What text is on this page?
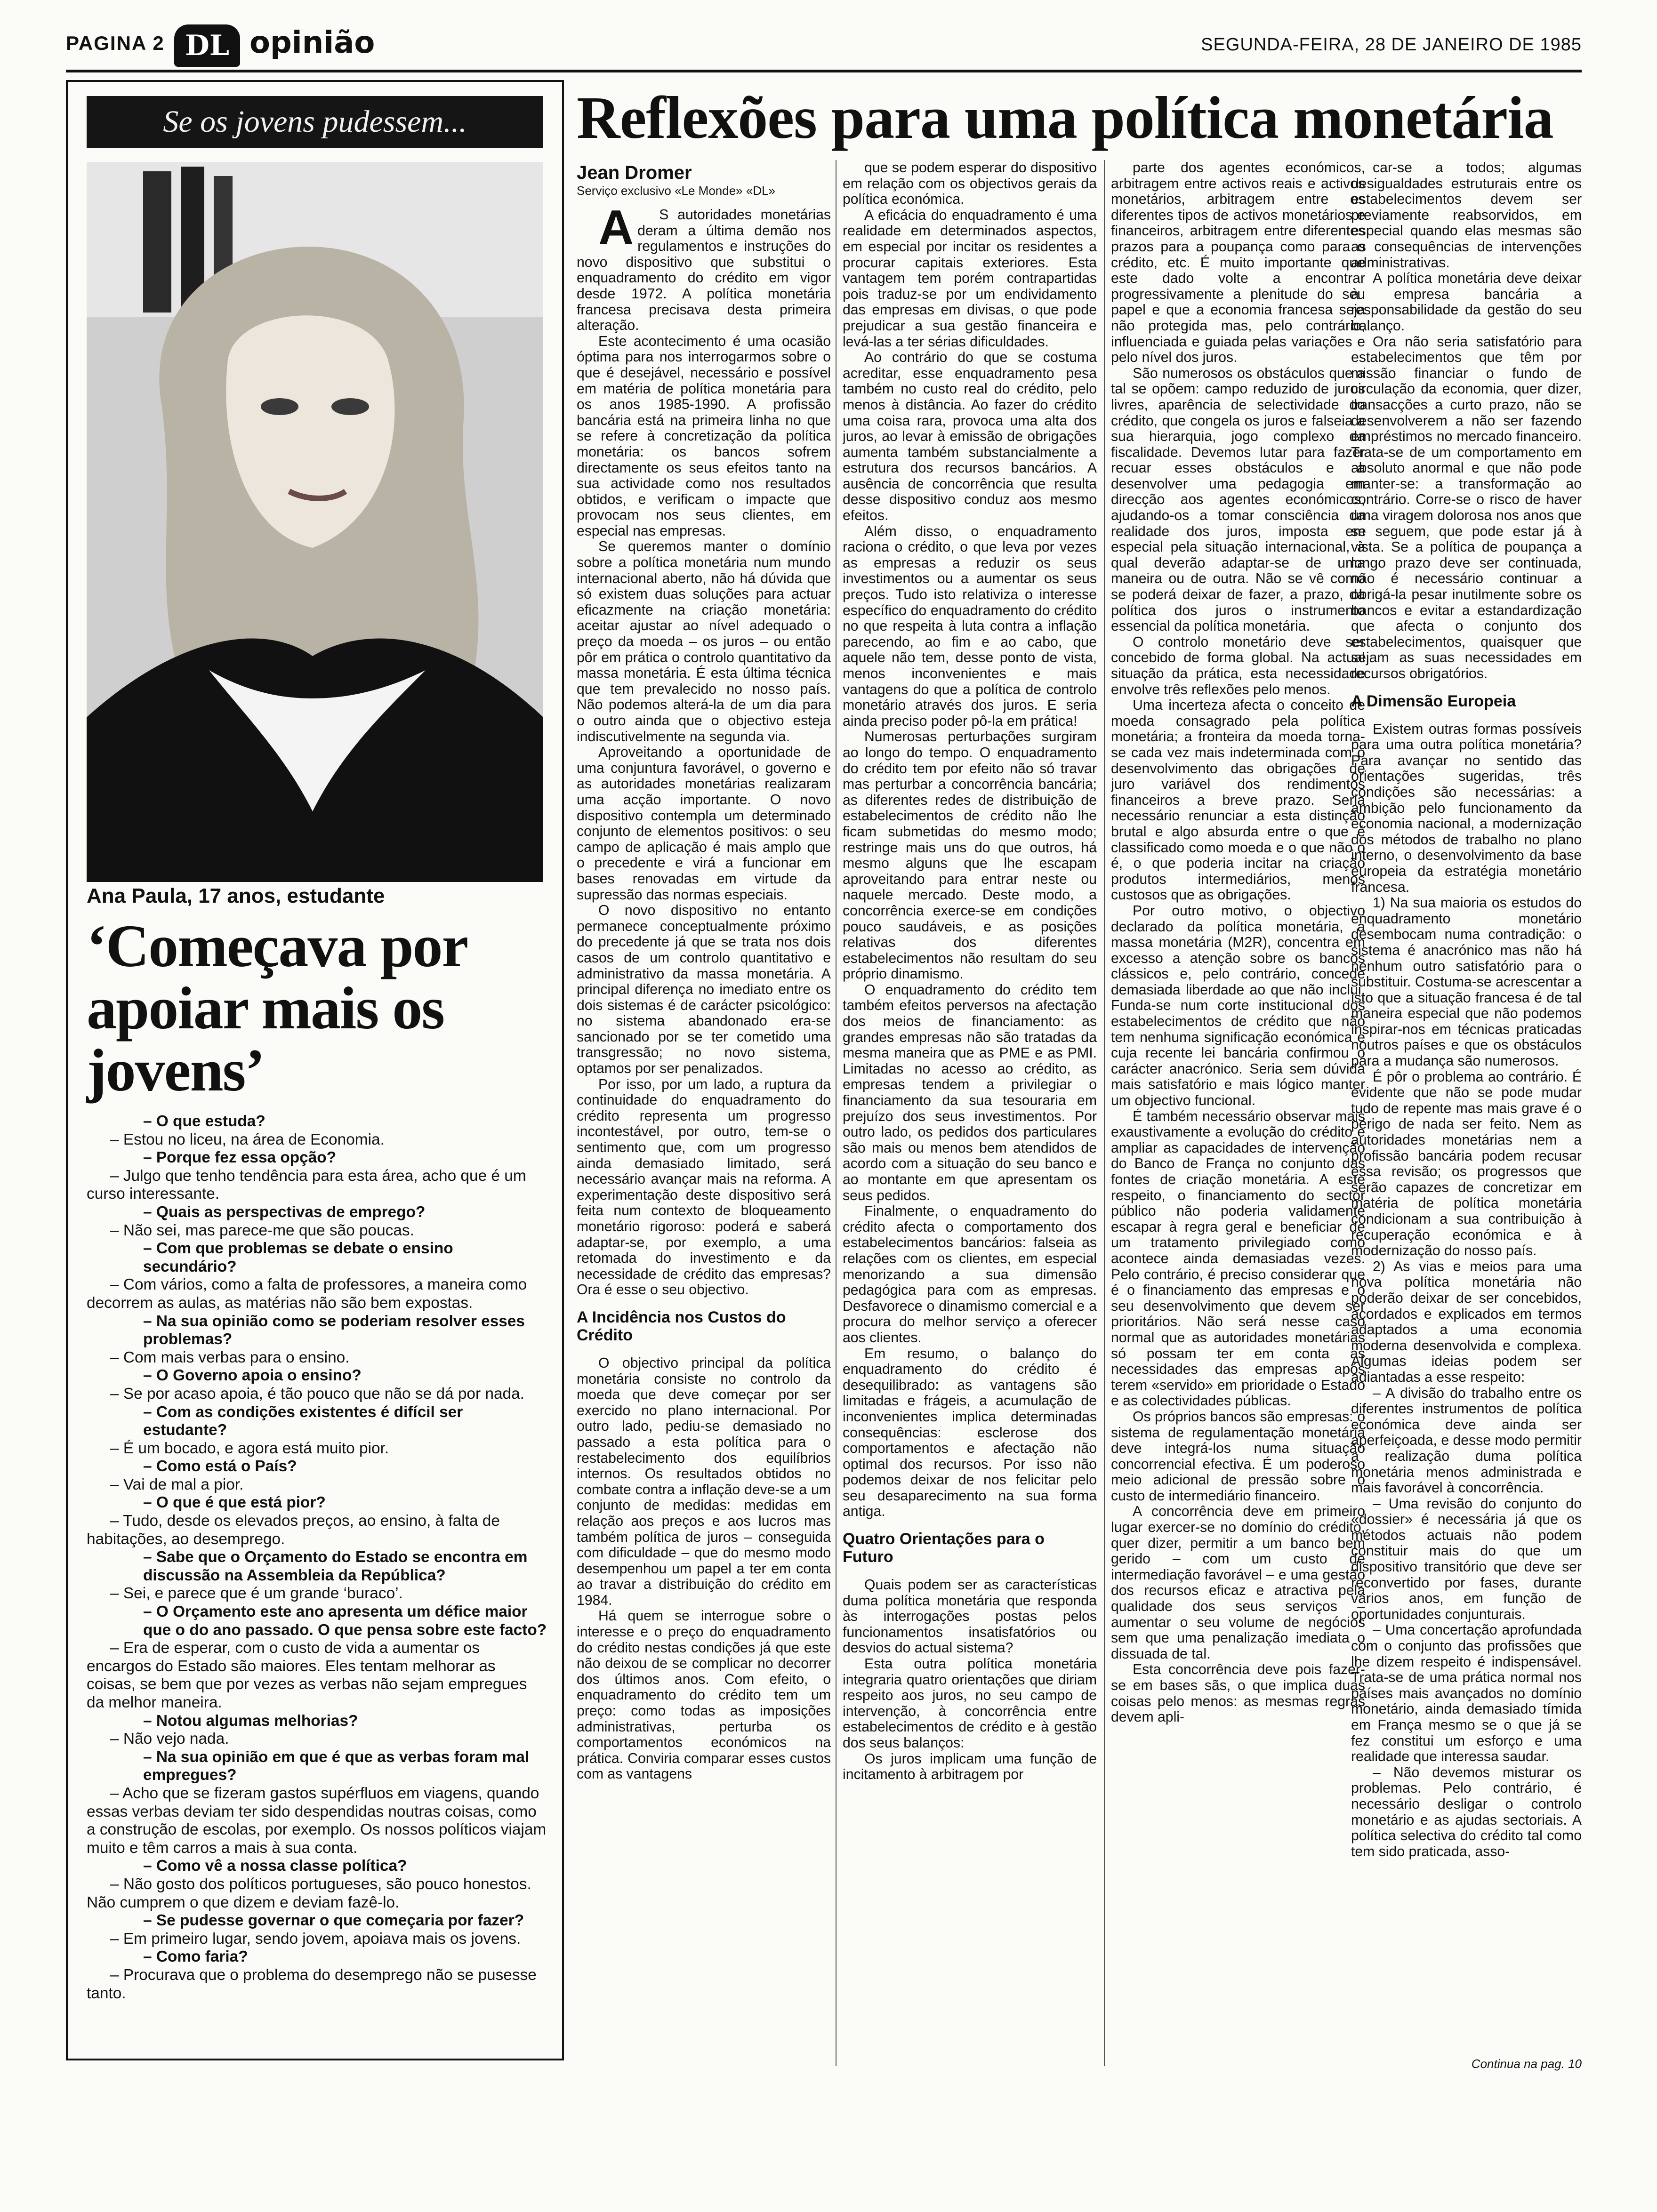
PAGINA 2 DL opinião	SEGUNDA-FEIRA, 28 DE JANEIRO DE 1985
Se os jovens pudessem...
Ana Paula, 17 anos, estudante
‘Começava por apoiar mais os jovens’

– O que estuda?

– Estou no liceu, na área de Economia.

– Porque fez essa opção?

– Julgo que tenho tendência para esta área, acho que é um curso interessante.

– Quais as perspectivas de emprego?

– Não sei, mas parece-me que são poucas.

– Com que problemas se debate o ensino secundário?

– Com vários, como a falta de professores, a maneira como decorrem as aulas, as matérias não são bem expostas.

– Na sua opinião como se poderiam resolver esses problemas?

– Com mais verbas para o ensino.

– O Governo apoia o ensino?

– Se por acaso apoia, é tão pouco que não se dá por nada.

– Com as condições existentes é difícil ser estudante?

– É um bocado, e agora está muito pior.

– Como está o País?

– Vai de mal a pior.

– O que é que está pior?

– Tudo, desde os elevados preços, ao ensino, à falta de habitações, ao desemprego.

– Sabe que o Orçamento do Estado se encontra em discussão na Assembleia da República?

– Sei, e parece que é um grande ‘buraco’.

– O Orçamento este ano apresenta um défice maior que o do ano passado. O que pensa sobre este facto?

– Era de esperar, com o custo de vida a aumentar os encargos do Estado são maiores. Eles tentam melhorar as coisas, se bem que por vezes as verbas não sejam empregues da melhor maneira.

– Notou algumas melhorias?

– Não vejo nada.

– Na sua opinião em que é que as verbas foram mal empregues?

– Acho que se fizeram gastos supérfluos em viagens, quando essas verbas deviam ter sido despendidas noutras coisas, como a construção de escolas, por exemplo. Os nossos políticos viajam muito e têm carros a mais à sua conta.

– Como vê a nossa classe política?

– Não gosto dos políticos portugueses, são pouco honestos. Não cumprem o que dizem e deviam fazê-lo.

– Se pudesse governar o que começaria por fazer?

– Em primeiro lugar, sendo jovem, apoiava mais os jovens.

– Como faria?

– Procurava que o problema do desemprego não se pusesse tanto.

Reflexões para uma política monetária
Jean Dromer
Serviço exclusivo «Le Monde» «DL»

AS autoridades monetárias deram a última demão nos regulamentos e instruções do novo dispositivo que substitui o enquadramento do crédito em vigor desde 1972. A política monetária francesa precisava desta primeira alteração.

Este acontecimento é uma ocasião óptima para nos interrogarmos sobre o que é desejável, necessário e possível em matéria de política monetária para os anos 1985-1990. A profissão bancária está na primeira linha no que se refere à concretização da política monetária: os bancos sofrem directamente os seus efeitos tanto na sua actividade como nos resultados obtidos, e verificam o impacte que provocam nos seus clientes, em especial nas empresas.

Se queremos manter o domínio sobre a política monetária num mundo internacional aberto, não há dúvida que só existem duas soluções para actuar eficazmente na criação monetária: aceitar ajustar ao nível adequado o preço da moeda – os juros – ou então pôr em prática o controlo quantitativo da massa monetária. É esta última técnica que tem prevalecido no nosso país. Não podemos alterá-la de um dia para o outro ainda que o objectivo esteja indiscutivelmente na segunda via.

Aproveitando a oportunidade de uma conjuntura favorável, o governo e as autoridades monetárias realizaram uma acção importante. O novo dispositivo contempla um determinado conjunto de elementos positivos: o seu campo de aplicação é mais amplo que o precedente e virá a funcionar em bases renovadas em virtude da supressão das normas especiais.

O novo dispositivo no entanto permanece conceptualmente próximo do precedente já que se trata nos dois casos de um controlo quantitativo e administrativo da massa monetária. A principal diferença no imediato entre os dois sistemas é de carácter psicológico: no sistema abandonado era-se sancionado por se ter cometido uma transgressão; no novo sistema, optamos por ser penalizados.

Por isso, por um lado, a ruptura da continuidade do enquadramento do crédito representa um progresso incontestável, por outro, tem-se o sentimento que, com um progresso ainda demasiado limitado, será necessário avançar mais na reforma. A experimentação deste dispositivo será feita num contexto de bloqueamento monetário rigoroso: poderá e saberá adaptar-se, por exemplo, a uma retomada do investimento e da necessidade de crédito das empresas? Ora é esse o seu objectivo.

A Incidência nos Custos do Crédito

O objectivo principal da política monetária consiste no controlo da moeda que deve começar por ser exercido no plano internacional. Por outro lado, pediu-se demasiado no passado a esta política para o restabelecimento dos equilíbrios internos. Os resultados obtidos no combate contra a inflação deve-se a um conjunto de medidas: medidas em relação aos preços e aos lucros mas também política de juros – conseguida com dificuldade – que do mesmo modo desempenhou um papel a ter em conta ao travar a distribuição do crédito em 1984.

Há quem se interrogue sobre o interesse e o preço do enquadramento do crédito nestas condições já que este não deixou de se complicar no decorrer dos últimos anos. Com efeito, o enquadramento do crédito tem um preço: como todas as imposições administrativas, perturba os comportamentos económicos na prática. Conviria comparar esses custos com as vantagens

que se podem esperar do dispositivo em relação com os objectivos gerais da política económica.

A eficácia do enquadramento é uma realidade em determinados aspectos, em especial por incitar os residentes a procurar capitais exteriores. Esta vantagem tem porém contrapartidas pois traduz-se por um endividamento das empresas em divisas, o que pode prejudicar a sua gestão financeira e levá-las a ter sérias dificuldades.

Ao contrário do que se costuma acreditar, esse enquadramento pesa também no custo real do crédito, pelo menos à distância. Ao fazer do crédito uma coisa rara, provoca uma alta dos juros, ao levar à emissão de obrigações aumenta também substancialmente a estrutura dos recursos bancários. A ausência de concorrência que resulta desse dispositivo conduz aos mesmo efeitos.

Além disso, o enquadramento raciona o crédito, o que leva por vezes as empresas a reduzir os seus investimentos ou a aumentar os seus preços. Tudo isto relativiza o interesse específico do enquadramento do crédito no que respeita à luta contra a inflação parecendo, ao fim e ao cabo, que aquele não tem, desse ponto de vista, menos inconvenientes e mais vantagens do que a política de controlo monetário através dos juros. E seria ainda preciso poder pô-la em prática!

Numerosas perturbações surgiram ao longo do tempo. O enquadramento do crédito tem por efeito não só travar mas perturbar a concorrência bancária; as diferentes redes de distribuição de estabelecimentos de crédito não lhe ficam submetidas do mesmo modo; restringe mais uns do que outros, há mesmo alguns que lhe escapam aproveitando para entrar neste ou naquele mercado. Deste modo, a concorrência exerce-se em condições pouco saudáveis, e as posições relativas dos diferentes estabelecimentos não resultam do seu próprio dinamismo.

O enquadramento do crédito tem também efeitos perversos na afectação dos meios de financiamento: as grandes empresas não são tratadas da mesma maneira que as PME e as PMI. Limitadas no acesso ao crédito, as empresas tendem a privilegiar o financiamento da sua tesouraria em prejuízo dos seus investimentos. Por outro lado, os pedidos dos particulares são mais ou menos bem atendidos de acordo com a situação do seu banco e ao montante em que apresentam os seus pedidos.

Finalmente, o enquadramento do crédito afecta o comportamento dos estabelecimentos bancários: falseia as relações com os clientes, em especial menorizando a sua dimensão pedagógica para com as empresas. Desfavorece o dinamismo comercial e a procura do melhor serviço a oferecer aos clientes.

Em resumo, o balanço do enquadramento do crédito é desequilibrado: as vantagens são limitadas e frágeis, a acumulação de inconvenientes implica determinadas consequências: esclerose dos comportamentos e afectação não optimal dos recursos. Por isso não podemos deixar de nos felicitar pelo seu desaparecimento na sua forma antiga.

Quatro Orientações para o Futuro

Quais podem ser as características duma política monetária que responda às interrogações postas pelos funcionamentos insatisfatórios ou desvios do actual sistema?

Esta outra política monetária integraria quatro orientações que diriam respeito aos juros, no seu campo de intervenção, à concorrência entre estabelecimentos de crédito e à gestão dos seus balanços:

Os juros implicam uma função de incitamento à arbitragem por

parte dos agentes económicos, arbitragem entre activos reais e activos monetários, arbitragem entre os diferentes tipos de activos monetários e financeiros, arbitragem entre diferentes prazos para a poupança como para o crédito, etc. É muito importante que este dado volte a encontrar progressivamente a plenitude do seu papel e que a economia francesa seja não protegida mas, pelo contrário, influenciada e guiada pelas variações e pelo nível dos juros.

São numerosos os obstáculos que a tal se opõem: campo reduzido de juros livres, aparência de selectividade do crédito, que congela os juros e falseia a sua hierarquia, jogo complexo da fiscalidade. Devemos lutar para fazer recuar esses obstáculos e a desenvolver uma pedagogia em direcção aos agentes económicos, ajudando-os a tomar consciência da realidade dos juros, imposta em especial pela situação internacional, à qual deverão adaptar-se de uma maneira ou de outra. Não se vê como se poderá deixar de fazer, a prazo, da política dos juros o instrumento essencial da política monetária.

O controlo monetário deve ser concebido de forma global. Na actual situação da prática, esta necessidade envolve três reflexões pelo menos.

Uma incerteza afecta o conceito de moeda consagrado pela política monetária; a fronteira da moeda torna-se cada vez mais indeterminada com o desenvolvimento das obrigações de juro variável dos rendimentos financeiros a breve prazo. Seria necessário renunciar a esta distinção brutal e algo absurda entre o que é classificado como moeda e o que não o é, o que poderia incitar na criação produtos intermediários, menos custosos que as obrigações.

Por outro motivo, o objectivo declarado da política monetária, a massa monetária (M2R), concentra em excesso a atenção sobre os bancos clássicos e, pelo contrário, concede demasiada liberdade ao que não inclui. Funda-se num corte institucional dos estabelecimentos de crédito que não tem nenhuma significação económica e cuja recente lei bancária confirmou o carácter anacrónico. Seria sem dúvida mais satisfatório e mais lógico manter um objectivo funcional.

É também necessário observar mais exaustivamente a evolução do crédito e ampliar as capacidades de intervenção do Banco de França no conjunto das fontes de criação monetária. A este respeito, o financiamento do sector público não poderia validamente escapar à regra geral e beneficiar de um tratamento privilegiado como acontece ainda demasiadas vezes. Pelo contrário, é preciso considerar que é o financiamento das empresas e o seu desenvolvimento que devem ser prioritários. Não será nesse caso normal que as autoridades monetárias só possam ter em conta as necessidades das empresas após terem «servido» em prioridade o Estado e as colectividades públicas.

Os próprios bancos são empresas: o sistema de regulamentação monetária deve integrá-los numa situação concorrencial efectiva. É um poderoso meio adicional de pressão sobre o custo de intermediário financeiro.

A concorrência deve em primeiro lugar exercer-se no domínio do crédito, quer dizer, permitir a um banco bem gerido – com um custo de intermediação favorável – e uma gestão dos recursos eficaz e atractiva pela qualidade dos seus serviços – aumentar o seu volume de negócios sem que uma penalização imediata o dissuada de tal.

Esta concorrência deve pois fazer-se em bases sãs, o que implica duas coisas pelo menos: as mesmas regras devem apli-

car-se a todos; algumas desigualdades estruturais entre os estabelecimentos devem ser previamente reabsorvidos, em especial quando elas mesmas são as consequências de intervenções administrativas.

A política monetária deve deixar à empresa bancária a responsabilidade da gestão do seu balanço.

Ora não seria satisfatório para estabelecimentos que têm por missão financiar o fundo de circulação da economia, quer dizer, transacções a curto prazo, não se desenvolverem a não ser fazendo empréstimos no mercado financeiro. Trata-se de um comportamento em absoluto anormal e que não pode manter-se: a transformação ao contrário. Corre-se o risco de haver uma viragem dolorosa nos anos que se seguem, que pode estar já à vista. Se a política de poupança a longo prazo deve ser continuada, não é necessário continuar a obrigá-la pesar inutilmente sobre os bancos e evitar a estandardização que afecta o conjunto dos estabelecimentos, quaisquer que sejam as suas necessidades em recursos obrigatórios.

A Dimensão Europeia

Existem outras formas possíveis para uma outra política monetária? Para avançar no sentido das orientações sugeridas, três condições são necessárias: a ambição pelo funcionamento da economia nacional, a modernização dos métodos de trabalho no plano interno, o desenvolvimento da base europeia da estratégia monetário francesa.

1) Na sua maioria os estudos do enquadramento monetário desembocam numa contradição: o sistema é anacrónico mas não há nenhum outro satisfatório para o substituir. Costuma-se acrescentar a isto que a situação francesa é de tal maneira especial que não podemos inspirar-nos em técnicas praticadas noutros países e que os obstáculos para a mudança são numerosos.

É pôr o problema ao contrário. É evidente que não se pode mudar tudo de repente mas mais grave é o perigo de nada ser feito. Nem as autoridades monetárias nem a profissão bancária podem recusar essa revisão; os progressos que serão capazes de concretizar em matéria de política monetária condicionam a sua contribuição à recuperação económica e à modernização do nosso país.

2) As vias e meios para uma nova política monetária não poderão deixar de ser concebidos, acordados e explicados em termos adaptados a uma economia moderna desenvolvida e complexa. Algumas ideias podem ser adiantadas a esse respeito:

– A divisão do trabalho entre os diferentes instrumentos de política económica deve ainda ser aperfeiçoada, e desse modo permitir a realização duma política monetária menos administrada e mais favorável à concorrência.

– Uma revisão do conjunto do «dossier» é necessária já que os métodos actuais não podem constituir mais do que um dispositivo transitório que deve ser reconvertido por fases, durante vários anos, em função de oportunidades conjunturais.

– Uma concertação aprofundada com o conjunto das profissões que lhe dizem respeito é indispensável. Trata-se de uma prática normal nos países mais avançados no domínio monetário, ainda demasiado tímida em França mesmo se o que já se fez constitui um esforço e uma realidade que interessa saudar.

– Não devemos misturar os problemas. Pelo contrário, é necessário desligar o controlo monetário e as ajudas sectoriais. A política selectiva do crédito tal como tem sido praticada, asso-

Continua na pag. 10
